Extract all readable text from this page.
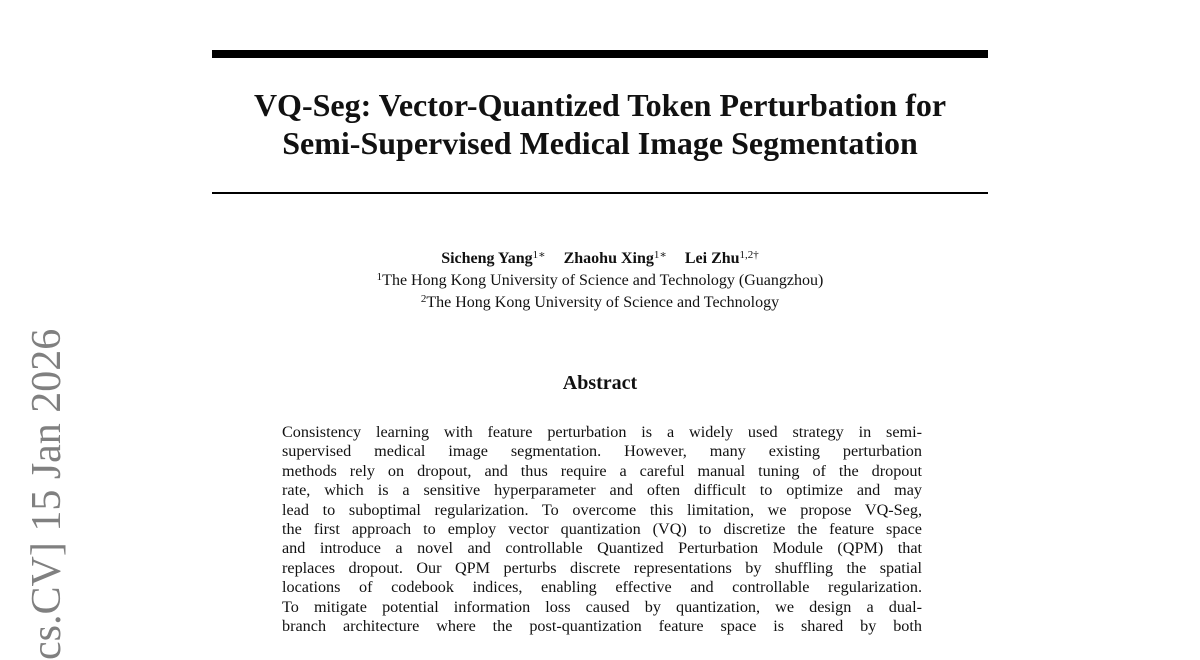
VQ-Seg: Vector-Quantized Token Perturbation for
Semi-Supervised Medical Image Segmentation
Sicheng Yang$^{1∗}$ Zhaohu Xing$^{1∗}$ Lei Zhu$^{1,2\dagger}$
$^1$The Hong Kong University of Science and Technology (Guangzhou)
$^2$The Hong Kong University of Science and Technology
Abstract
Consistency learning with feature perturbation is a widely used strategy in semi-
supervised medical image segmentation. However, many existing perturbation
methods rely on dropout, and thus require a careful manual tuning of the dropout
rate, which is a sensitive hyperparameter and often difficult to optimize and may
lead to suboptimal regularization. To overcome this limitation, we propose VQ-Seg,
the first approach to employ vector quantization (VQ) to discretize the feature space
and introduce a novel and controllable Quantized Perturbation Module (QPM) that
replaces dropout. Our QPM perturbs discrete representations by shuffling the spatial
locations of codebook indices, enabling effective and controllable regularization.
To mitigate potential information loss caused by quantization, we design a dual-
branch architecture where the post-quantization feature space is shared by both
cs.CV] 15 Jan 2026
